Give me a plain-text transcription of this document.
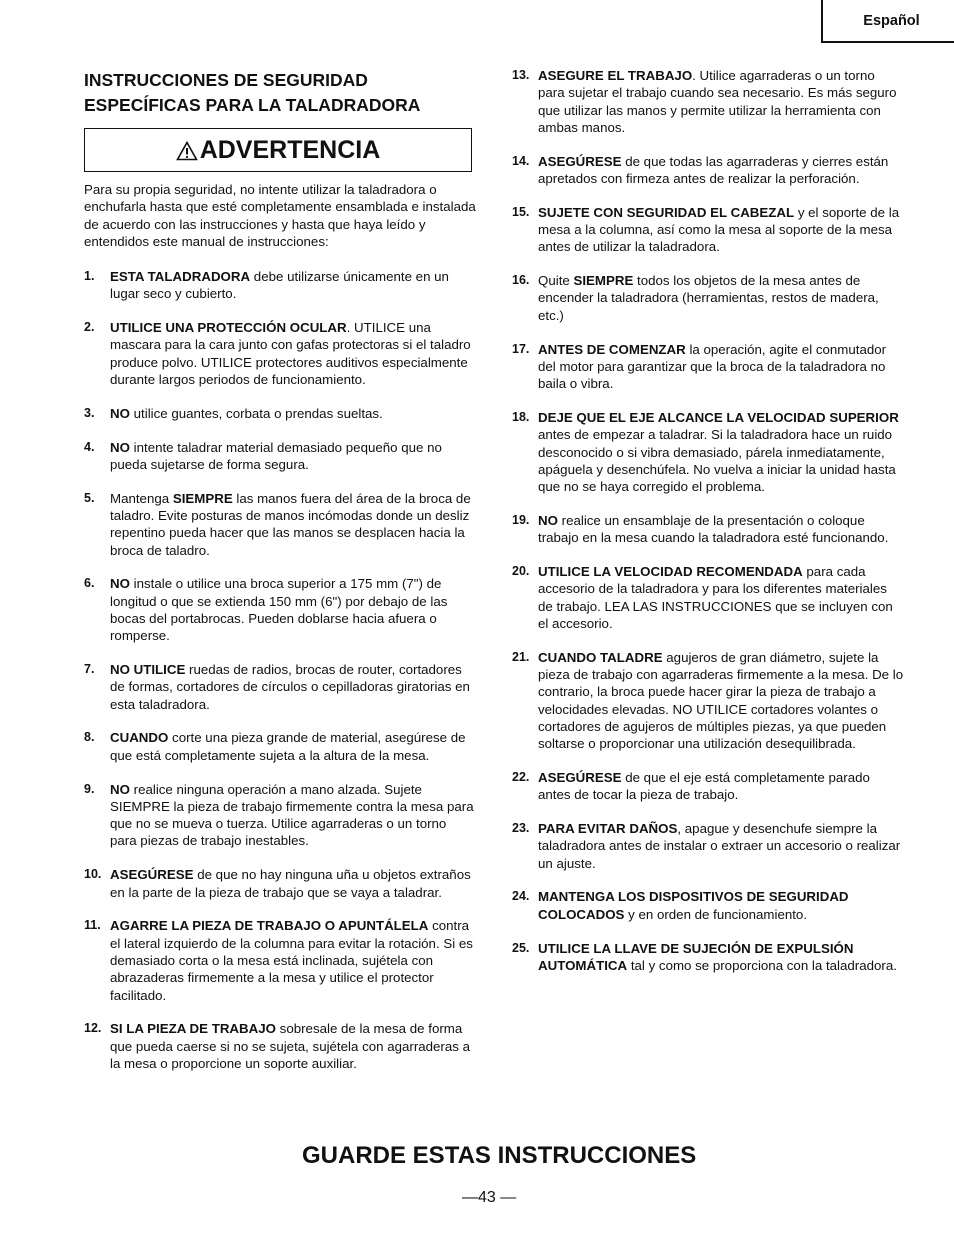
Español
INSTRUCCIONES DE SEGURIDAD ESPECÍFICAS PARA LA TALADRADORA
ADVERTENCIA

Para su propia seguridad, no intente utilizar la taladradora o enchufarla hasta que esté completamente ensamblada e instalada de acuerdo con las instrucciones y hasta que haya leído y entendidos este manual de instrucciones:

1. ESTA TALADRADORA debe utilizarse únicamente en un lugar seco y cubierto.
2. UTILICE UNA PROTECCIÓN OCULAR. UTILICE una mascara para la cara junto con gafas protectoras si el taladro produce polvo. UTILICE protectores auditivos especialmente durante largos periodos de funcionamiento.
3. NO utilice guantes, corbata o prendas sueltas.
4. NO intente taladrar material demasiado pequeño que no pueda sujetarse de forma segura.
5. Mantenga SIEMPRE las manos fuera del área de la broca de taladro. Evite posturas de manos incómodas donde un desliz repentino pueda hacer que las manos se desplacen hacia la broca de taladro.
6. NO instale o utilice una broca superior a 175 mm (7") de longitud o que se extienda 150 mm (6") por debajo de las bocas del portabrocas. Pueden doblarse hacia afuera o romperse.
7. NO UTILICE ruedas de radios, brocas de router, cortadores de formas, cortadores de círculos o cepilladoras giratorias en esta taladradora.
8. CUANDO corte una pieza grande de material, asegúrese de que está completamente sujeta a la altura de la mesa.
9. NO realice ninguna operación a mano alzada. Sujete SIEMPRE la pieza de trabajo firmemente contra la mesa para que no se mueva o tuerza. Utilice agarraderas o un torno para piezas de trabajo inestables.
10. ASEGÚRESE de que no hay ninguna uña u objetos extraños en la parte de la pieza de trabajo que se vaya a taladrar.
11. AGARRE LA PIEZA DE TRABAJO O APUNTÁLELA contra el lateral izquierdo de la columna para evitar la rotación. Si es demasiado corta o la mesa está inclinada, sujétela con abrazaderas firmemente a la mesa y utilice el protector facilitado.
12. SI LA PIEZA DE TRABAJO sobresale de la mesa de forma que pueda caerse si no se sujeta, sujétela con agarraderas a la mesa o proporcione un soporte auxiliar.
13. ASEGURE EL TRABAJO. Utilice agarraderas o un torno para sujetar el trabajo cuando sea necesario. Es más seguro que utilizar las manos y permite utilizar la herramienta con ambas manos.
14. ASEGÚRESE de que todas las agarraderas y cierres están apretados con firmeza antes de realizar la perforación.
15. SUJETE CON SEGURIDAD EL CABEZAL y el soporte de la mesa a la columna, así como la mesa al soporte de la mesa antes de utilizar la taladradora.
16. Quite SIEMPRE todos los objetos de la mesa antes de encender la taladradora (herramientas, restos de madera, etc.)
17. ANTES DE COMENZAR la operación, agite el conmutador del motor para garantizar que la broca de la taladradora no baila o vibra.
18. DEJE QUE EL EJE ALCANCE LA VELOCIDAD SUPERIOR antes de empezar a taladrar. Si la taladradora hace un ruido desconocido o si vibra demasiado, párela inmediatamente, apáguela y desenchúfela. No vuelva a iniciar la unidad hasta que no se haya corregido el problema.
19. NO realice un ensamblaje de la presentación o coloque trabajo en la mesa cuando la taladradora esté funcionando.
20. UTILICE LA VELOCIDAD RECOMENDADA para cada accesorio de la taladradora y para los diferentes materiales de trabajo. LEA LAS INSTRUCCIONES que se incluyen con el accesorio.
21. CUANDO TALADRE agujeros de gran diámetro, sujete la pieza de trabajo con agarraderas firmemente a la mesa. De lo contrario, la broca puede hacer girar la pieza de trabajo a velocidades elevadas. NO UTILICE cortadores volantes o cortadores de agujeros de múltiples piezas, ya que pueden soltarse o proporcionar una utilización desequilibrada.
22. ASEGÚRESE de que el eje está completamente parado antes de tocar la pieza de trabajo.
23. PARA EVITAR DAÑOS, apague y desenchufe siempre la taladradora antes de instalar o extraer un accesorio o realizar un ajuste.
24. MANTENGA LOS DISPOSITIVOS DE SEGURIDAD COLOCADOS y en orden de funcionamiento.
25. UTILICE LA LLAVE DE SUJECIÓN DE EXPULSIÓN AUTOMÁTICA tal y como se proporciona con la taladradora.
GUARDE ESTAS INSTRUCCIONES
—43 —
